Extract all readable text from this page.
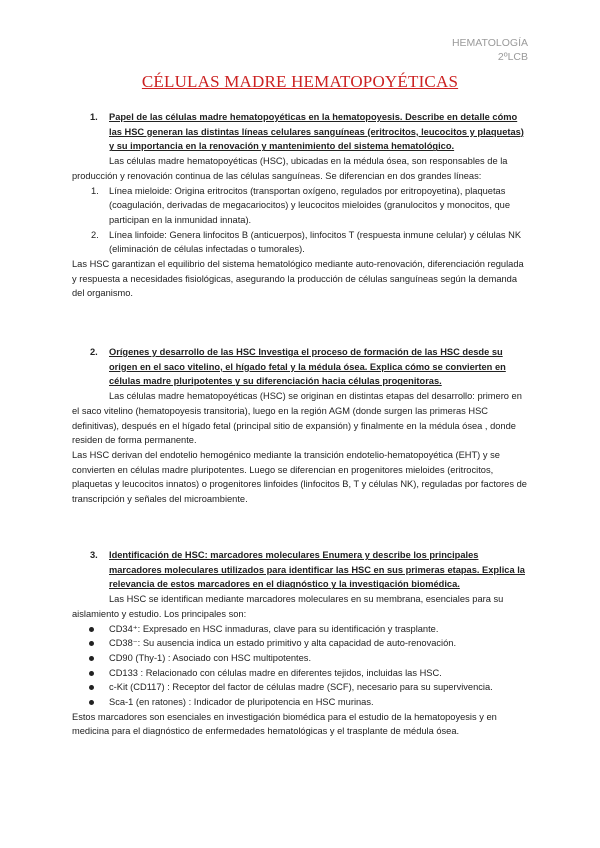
HEMATOLOGÍA
2ºLCB
CÉLULAS MADRE HEMATOPOYÉTICAS
1. Papel de las células madre hematopoyéticas en la hematopoyesis. Describe en detalle cómo las HSC generan las distintas líneas celulares sanguíneas (eritrocitos, leucocitos y plaquetas) y su importancia en la renovación y mantenimiento del sistema hematológico.

Las células madre hematopoyéticas (HSC), ubicadas en la médula ósea, son responsables de la producción y renovación continua de las células sanguíneas. Se diferencian en dos grandes líneas:

1. Línea mieloide: Origina eritrocitos (transportan oxígeno, regulados por eritropoyetina), plaquetas (coagulación, derivadas de megacariocitos) y leucocitos mieloides (granulocitos y monocitos, que participan en la inmunidad innata).
2. Línea linfoide: Genera linfocitos B (anticuerpos), linfocitos T (respuesta inmune celular) y células NK (eliminación de células infectadas o tumorales).

Las HSC garantizan el equilibrio del sistema hematológico mediante auto-renovación, diferenciación regulada y respuesta a necesidades fisiológicas, asegurando la producción de células sanguíneas según la demanda del organismo.

2. Orígenes y desarrollo de las HSC Investiga el proceso de formación de las HSC desde su origen en el saco vitelino, el hígado fetal y la médula ósea. Explica cómo se convierten en células madre pluripotentes y su diferenciación hacia células progenitoras.

Las células madre hematopoyéticas (HSC) se originan en distintas etapas del desarrollo: primero en el saco vitelino (hematopoyesis transitoria), luego en la región AGM (donde surgen las primeras HSC definitivas), después en el hígado fetal (principal sitio de expansión) y finalmente en la médula ósea , donde residen de forma permanente.

Las HSC derivan del endotelio hemogénico mediante la transición endotelio-hematopoyética (EHT) y se convierten en células madre pluripotentes. Luego se diferencian en progenitores mieloides (eritrocitos, plaquetas y leucocitos innatos) o progenitores linfoides (linfocitos B, T y células NK), reguladas por factores de transcripción y señales del microambiente.

3. Identificación de HSC: marcadores moleculares Enumera y describe los principales marcadores moleculares utilizados para identificar las HSC en sus primeras etapas. Explica la relevancia de estos marcadores en el diagnóstico y la investigación biomédica.

Las HSC se identifican mediante marcadores moleculares en su membrana, esenciales para su aislamiento y estudio. Los principales son:

CD34⁺: Expresado en HSC inmaduras, clave para su identificación y trasplante.
CD38⁻: Su ausencia indica un estado primitivo y alta capacidad de auto-renovación.
CD90 (Thy-1) : Asociado con HSC multipotentes.
CD133 : Relacionado con células madre en diferentes tejidos, incluidas las HSC.
c-Kit (CD117) : Receptor del factor de células madre (SCF), necesario para su supervivencia.
Sca-1 (en ratones) : Indicador de pluripotencia en HSC murinas.

Estos marcadores son esenciales en investigación biomédica para el estudio de la hematopoyesis y en medicina para el diagnóstico de enfermedades hematológicas y el trasplante de médula ósea.
